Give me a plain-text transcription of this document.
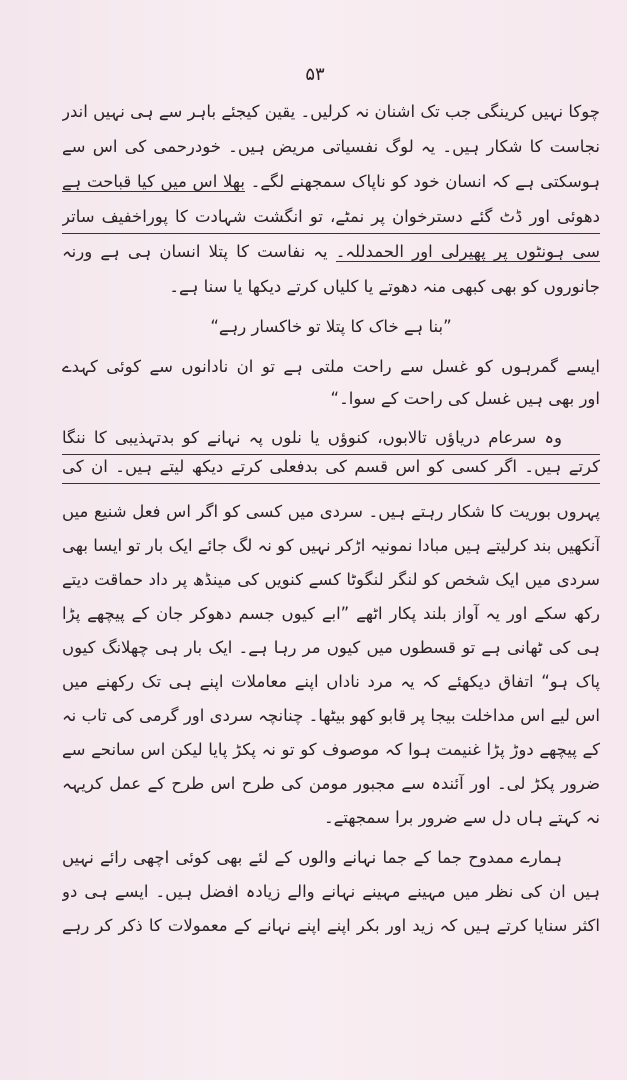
۵۳
چوکا نہیں کرینگی جب تک اشنان نہ کرلیں۔ یقین کیجئے باہر سے ہی نہیں اندر
نجاست کا شکار ہیں۔ یہ لوگ نفسیاتی مریض ہیں۔ خودرحمی کی اس سے
ہوسکتی ہے کہ انسان خود کو ناپاک سمجھنے لگے۔ بھلا اس میں کیا قباحت ہے
دھوئی اور ڈٹ گئے دسترخوان پر نمٹے، تو انگشت شہادت کا پوراخفیف ساتر
سی ہونٹوں پر پھیرلی اور الحمدللہ۔ یہ نفاست کا پتلا انسان ہی ہے ورنہ
جانوروں کو بھی کبھی منہ دھوتے یا کلیاں کرتے دیکھا یا سنا ہے۔
”بنا ہے خاک کا پتلا تو خاکسار رہے“
ایسے گمرہوں کو غسل سے راحت ملتی ہے تو ان نادانوں سے کوئی کہدے
اور بھی ہیں غسل کی راحت کے سوا۔“
وہ سرعام دریاؤں تالابوں، کنوؤں یا نلوں پہ نہانے کو بدتہذیبی کا ننگا
کرتے ہیں۔ اگر کسی کو اس قسم کی بدفعلی کرتے دیکھ لیتے ہیں۔ ان کی
پہروں بوریت کا شکار رہتے ہیں۔ سردی میں کسی کو اگر اس فعل شنیع میں
آنکھیں بند کرلیتے ہیں مبادا نمونیہ اڑکر نہیں کو نہ لگ جائے ایک بار تو ایسا بھی
سردی میں ایک شخص کو لنگر لنگوٹا کسے کنویں کی مینڈھ پر داد حماقت دیتے
رکھ سکے اور یہ آواز بلند پکار اٹھے ”ابے کیوں جسم دھوکر جان کے پیچھے پڑا
ہی کی ٹھانی ہے تو قسطوں میں کیوں مر رہا ہے۔ ایک بار ہی چھلانگ کیوں
پاک ہو“ اتفاق دیکھئے کہ یہ مرد ناداں اپنے معاملات اپنے ہی تک رکھنے میں
اس لیے اس مداخلت بیجا پر قابو کھو بیٹھا۔ چنانچہ سردی اور گرمی کی تاب نہ
کے پیچھے دوڑ پڑا غنیمت ہوا کہ موصوف کو تو نہ پکڑ پایا لیکن اس سانحے سے
ضرور پکڑ لی۔ اور آئندہ سے مجبور مومن کی طرح اس طرح کے عمل کریہہ
نہ کہتے ہاں دل سے ضرور برا سمجھتے۔
ہمارے ممدوح جما کے جما نہانے والوں کے لئے بھی کوئی اچھی رائے نہیں
ہیں ان کی نظر میں مہینے مہینے نہانے والے زیادہ افضل ہیں۔ ایسے ہی دو
اکثر سنایا کرتے ہیں کہ زید اور بکر اپنے اپنے نہانے کے معمولات کا ذکر کر رہے
